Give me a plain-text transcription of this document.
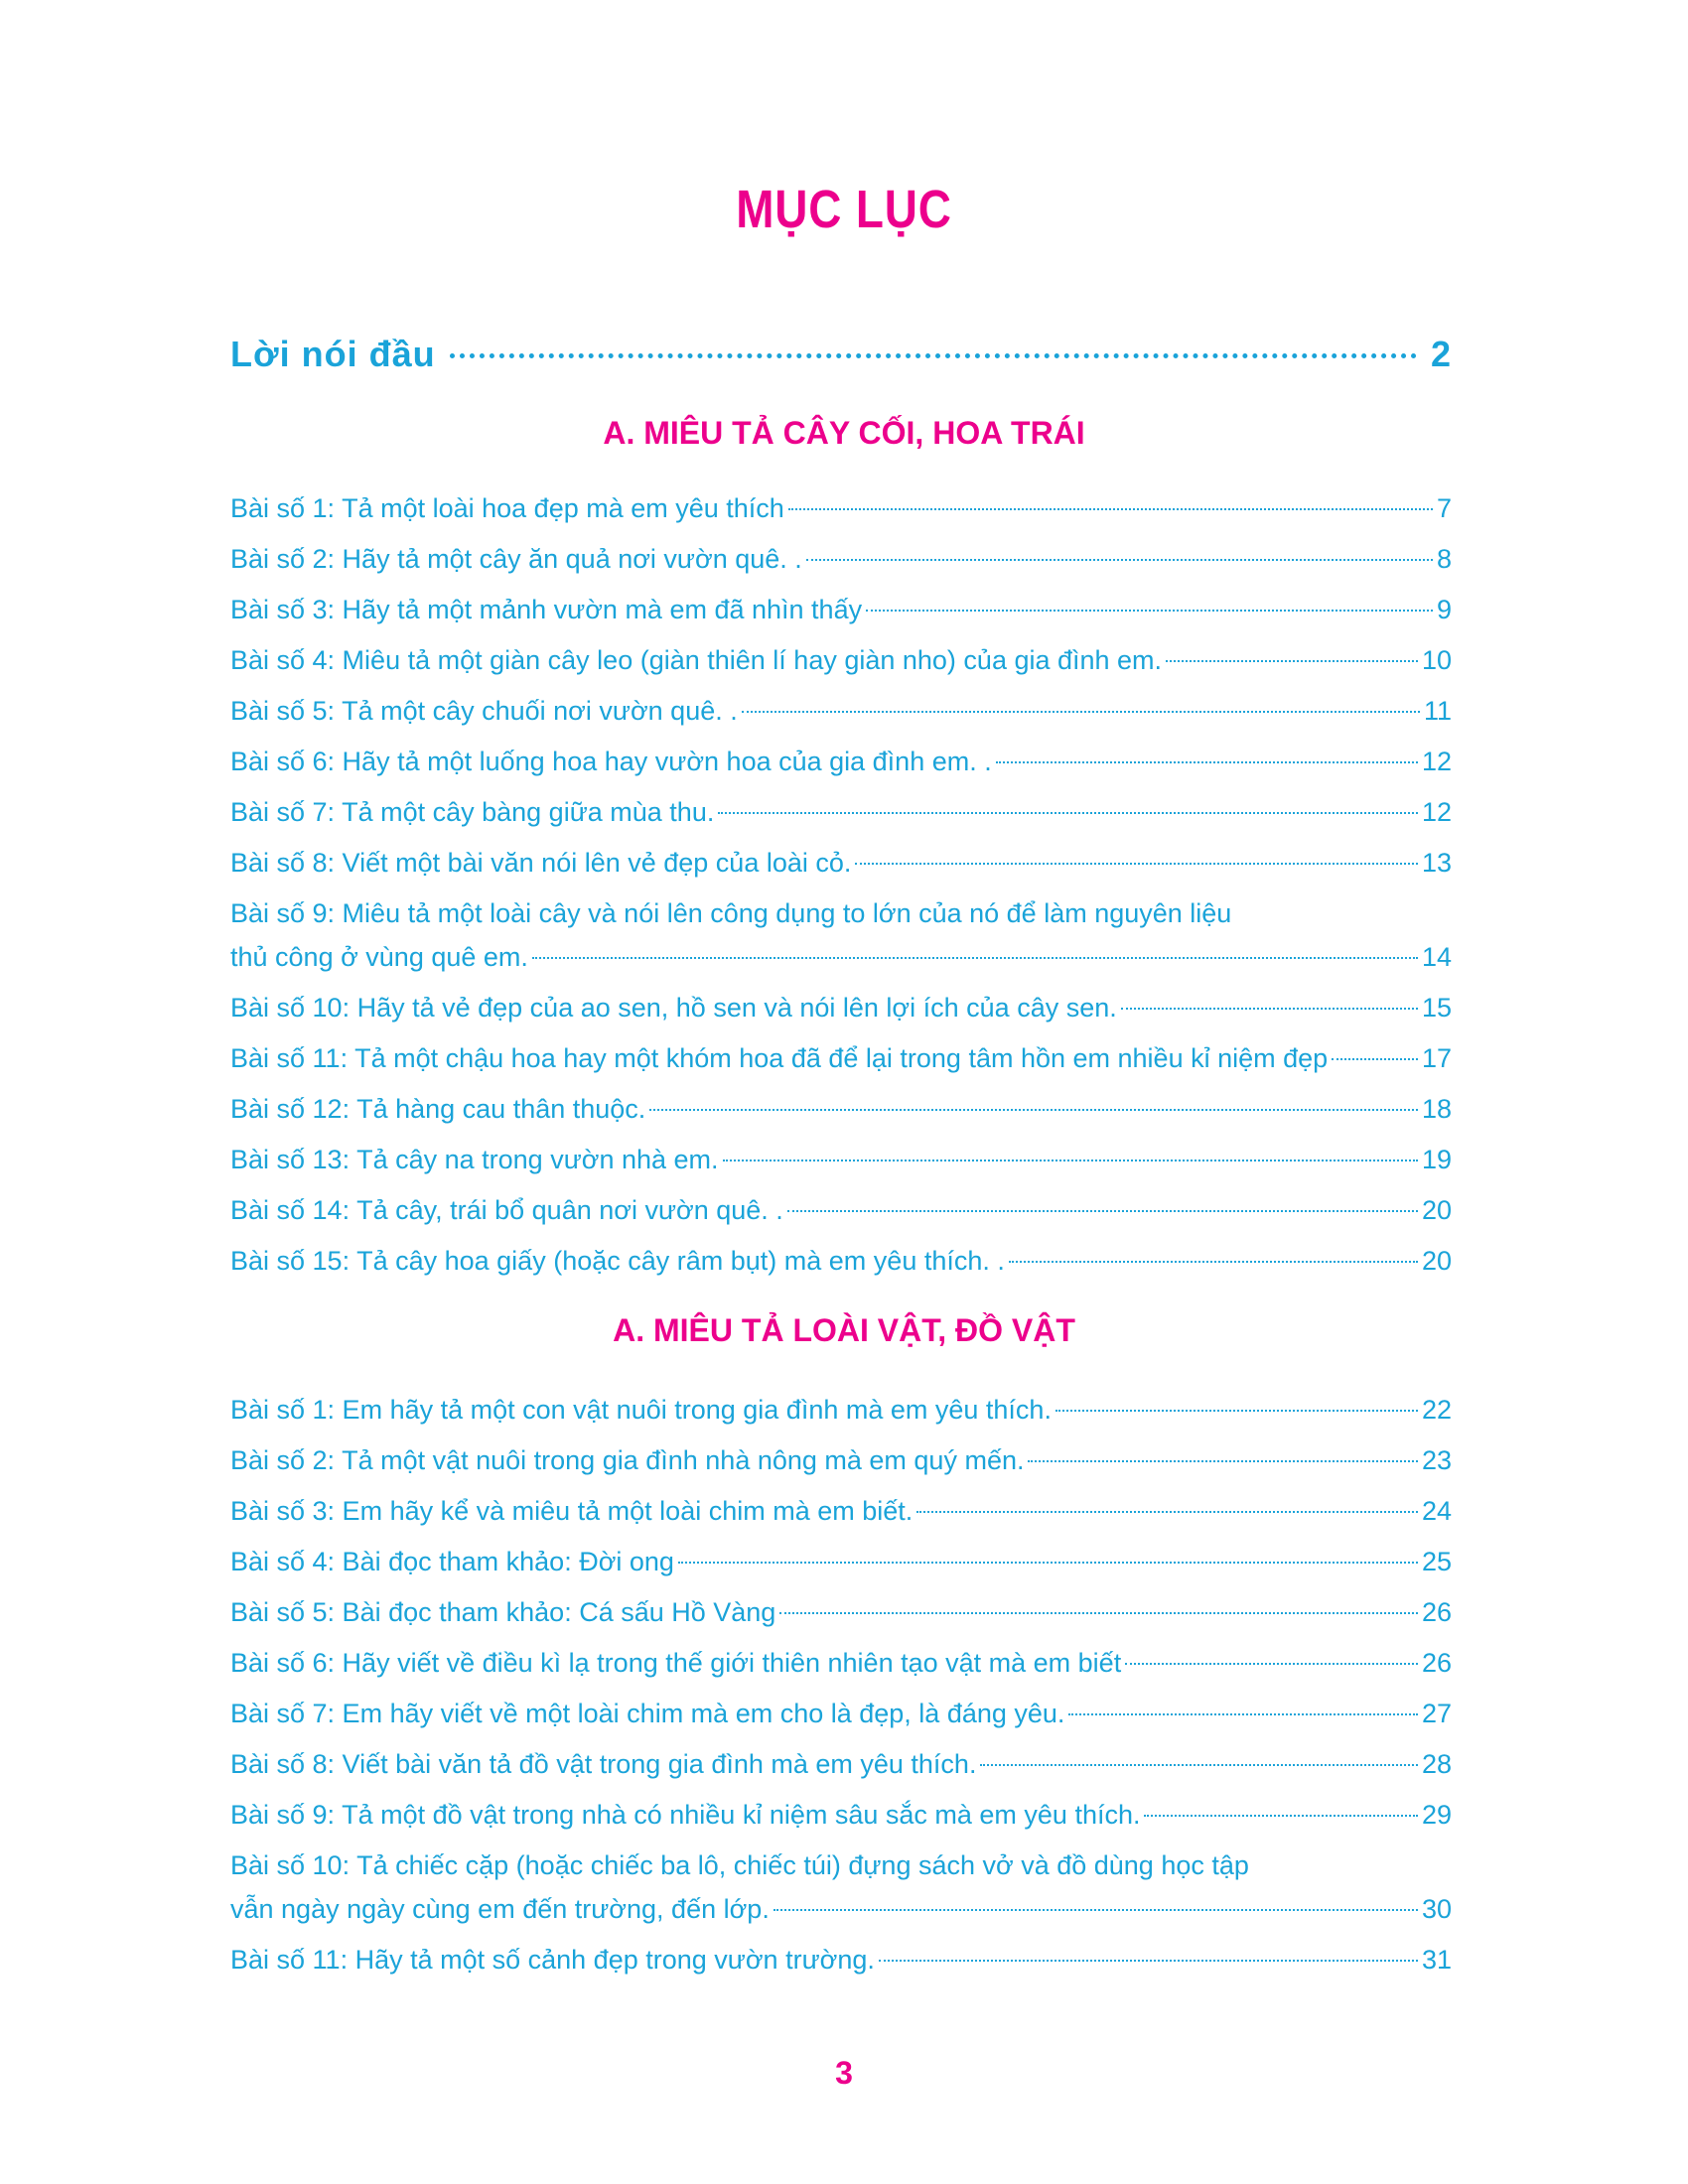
MỤC LỤC
Lời nói đầu	2
A. MIÊU TẢ CÂY CỐI, HOA TRÁI
Bài số 1: Tả một loài hoa đẹp mà em yêu thích	7
Bài số 2: Hãy tả một cây ăn quả nơi vườn quê. .	8
Bài số 3: Hãy tả một mảnh vườn mà em đã nhìn thấy	9
Bài số 4: Miêu tả một giàn cây leo (giàn thiên lí hay giàn nho) của gia đình em.	10
Bài số 5: Tả một cây chuối nơi vườn quê. .	11
Bài số 6: Hãy tả một luống hoa hay vườn hoa của gia đình em. .	12
Bài số 7: Tả một cây bàng giữa mùa thu.	12
Bài số 8: Viết một bài văn nói lên vẻ đẹp của loài cỏ.	13
Bài số 9: Miêu tả một loài cây và nói lên công dụng to lớn của nó để làm nguyên liệu
thủ công ở vùng quê em.	14
Bài số 10: Hãy tả vẻ đẹp của ao sen, hồ sen và nói lên lợi ích của cây sen.	15
Bài số 11: Tả một chậu hoa hay một khóm hoa đã để lại trong tâm hồn em nhiều kỉ niệm đẹp	17
Bài số 12: Tả hàng cau thân thuộc.	18
Bài số 13: Tả cây na trong vườn nhà em.	19
Bài số 14: Tả cây, trái bổ quân nơi vườn quê. .	20
Bài số 15: Tả cây hoa giấy (hoặc cây râm bụt) mà em yêu thích. .	20
A. MIÊU TẢ LOÀI VẬT, ĐỒ VẬT
Bài số 1: Em hãy tả một con vật nuôi trong gia đình mà em yêu thích.	22
Bài số 2: Tả một vật nuôi trong gia đình nhà nông mà em quý mến.	23
Bài số 3: Em hãy kể và miêu tả một loài chim mà em biết.	24
Bài số 4: Bài đọc tham khảo: Đời ong	25
Bài số 5: Bài đọc tham khảo: Cá sấu Hồ Vàng	26
Bài số 6: Hãy viết về điều kì lạ trong thế giới thiên nhiên tạo vật mà em biết	26
Bài số 7: Em hãy viết về một loài chim mà em cho là đẹp, là đáng yêu.	27
Bài số 8: Viết bài văn tả đồ vật trong gia đình mà em yêu thích.	28
Bài số 9: Tả một đồ vật trong nhà có nhiều kỉ niệm sâu sắc mà em yêu thích.	29
Bài số 10: Tả chiếc cặp (hoặc chiếc ba lô, chiếc túi) đựng sách vở và đồ dùng học tập
vẫn ngày ngày cùng em đến trường, đến lớp.	30
Bài số 11: Hãy tả một số cảnh đẹp trong vườn trường.	31
3
